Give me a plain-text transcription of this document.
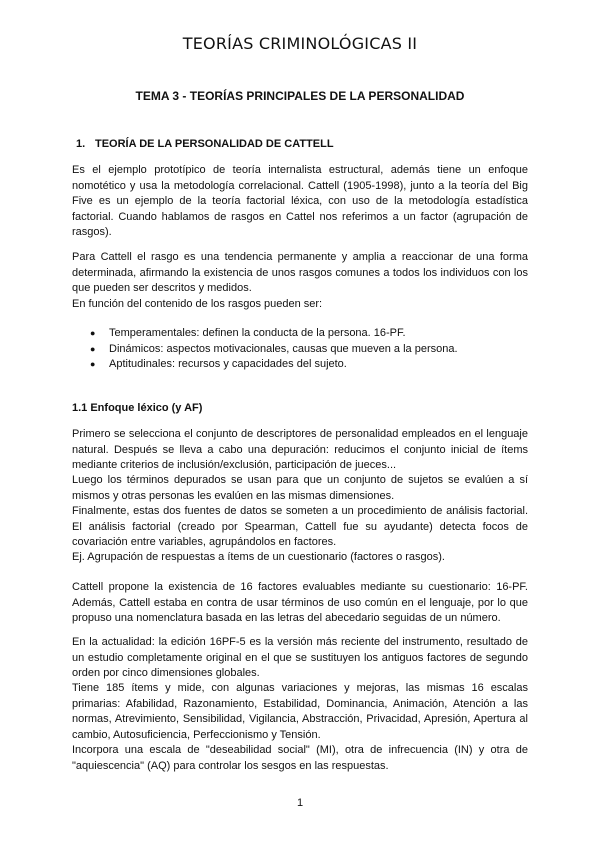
TEORÍAS CRIMINOLÓGICAS II
TEMA 3 - TEORÍAS PRINCIPALES DE LA PERSONALIDAD
1. TEORÍA DE LA PERSONALIDAD DE CATTELL

Es el ejemplo prototípico de teoría internalista estructural, además tiene un enfoque nomotético y usa la metodología correlacional. Cattell (1905-1998), junto a la teoría del Big Five es un ejemplo de la teoría factorial léxica, con uso de la metodología estadística factorial. Cuando hablamos de rasgos en Cattel nos referimos a un factor (agrupación de rasgos).

Para Cattell el rasgo es una tendencia permanente y amplia a reaccionar de una forma determinada, afirmando la existencia de unos rasgos comunes a todos los individuos con los que pueden ser descritos y medidos.

En función del contenido de los rasgos pueden ser:

● Temperamentales: definen la conducta de la persona. 16-PF.
● Dinámicos: aspectos motivacionales, causas que mueven a la persona.
● Aptitudinales: recursos y capacidades del sujeto.
1.1 Enfoque léxico (y AF)

Primero se selecciona el conjunto de descriptores de personalidad empleados en el lenguaje natural. Después se lleva a cabo una depuración: reducimos el conjunto inicial de ítems mediante criterios de inclusión/exclusión, participación de jueces...

Luego los términos depurados se usan para que un conjunto de sujetos se evalúen a sí mismos y otras personas les evalúen en las mismas dimensiones.

Finalmente, estas dos fuentes de datos se someten a un procedimiento de análisis factorial. El análisis factorial (creado por Spearman, Cattell fue su ayudante) detecta focos de covariación entre variables, agrupándolos en factores.

Ej. Agrupación de respuestas a ítems de un cuestionario (factores o rasgos).

Cattell propone la existencia de 16 factores evaluables mediante su cuestionario: 16-PF. Además, Cattell estaba en contra de usar términos de uso común en el lenguaje, por lo que propuso una nomenclatura basada en las letras del abecedario seguidas de un número.

En la actualidad: la edición 16PF-5 es la versión más reciente del instrumento, resultado de un estudio completamente original en el que se sustituyen los antiguos factores de segundo orden por cinco dimensiones globales.

Tiene 185 ítems y mide, con algunas variaciones y mejoras, las mismas 16 escalas primarias: Afabilidad, Razonamiento, Estabilidad, Dominancia, Animación, Atención a las normas, Atrevimiento, Sensibilidad, Vigilancia, Abstracción, Privacidad, Apresión, Apertura al cambio, Autosuficiencia, Perfeccionismo y Tensión.

Incorpora una escala de "deseabilidad social" (MI), otra de infrecuencia (IN) y otra de "aquiescencia" (AQ) para controlar los sesgos en las respuestas.

1
